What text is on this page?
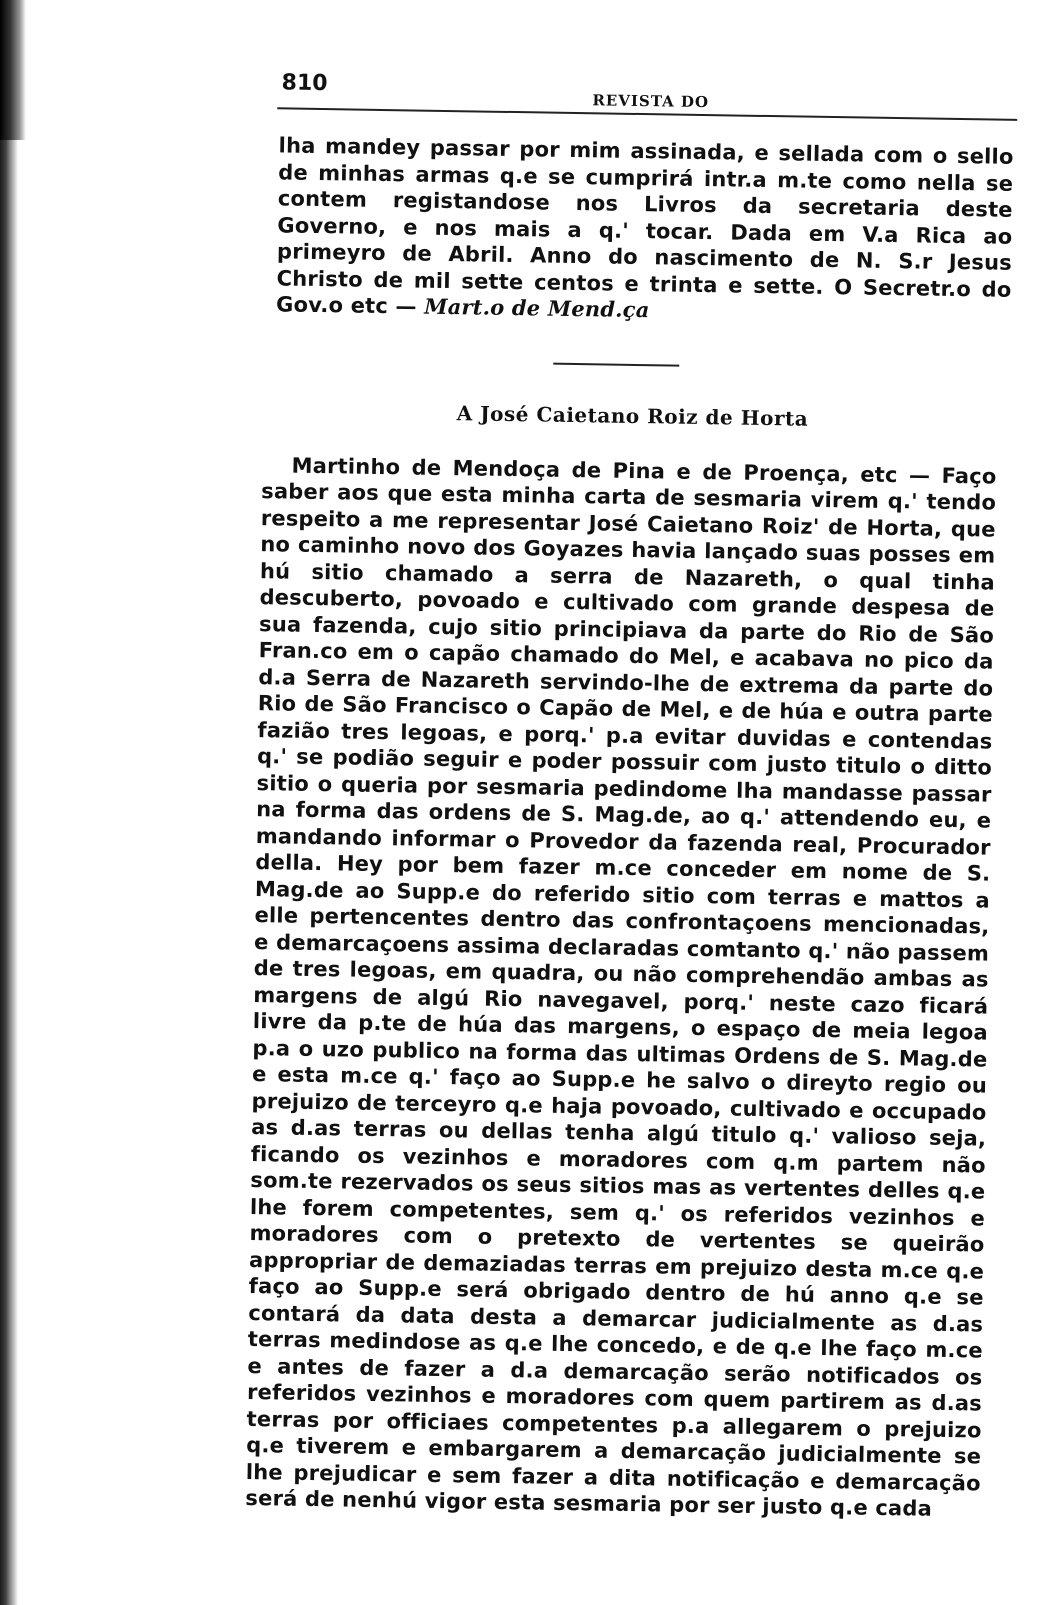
810
REVISTA DO

lha mandey passar por mim assinada, e sellada com o sello de minhas armas q.e se cumprirá intr.a m.te como nella se contem registandose nos Livros da secretaria deste Governo, e nos mais a q.' tocar. Dada em V.a Rica ao primeyro de Abril. Anno do nascimento de N. S.r Jesus Christo de mil sette centos e trinta e sette. O Secretr.o do Gov.o etc — Mart.o de Mend.ça

A José Caietano Roiz de Horta

Martinho de Mendoça de Pina e de Proença, etc — Faço saber aos que esta minha carta de sesmaria virem q.' tendo respeito a me representar José Caietano Roiz' de Horta, que no caminho novo dos Goyazes havia lançado suas posses em hú sitio chamado a serra de Nazareth, o qual tinha descuberto, povoado e cultivado com grande despesa de sua fazenda, cujo sitio principiava da parte do Rio de São Fran.co em o capão chamado do Mel, e acabava no pico da d.a Serra de Nazareth servindo-lhe de extrema da parte do Rio de São Francisco o Capão de Mel, e de húa e outra parte fazião tres legoas, e porq.' p.a evitar duvidas e contendas q.' se podião seguir e poder possuir com justo titulo o ditto sitio o queria por sesmaria pedindome lha mandasse passar na forma das ordens de S. Mag.de, ao q.' attendendo eu, e mandando informar o Provedor da fazenda real, Procurador della. Hey por bem fazer m.ce conceder em nome de S. Mag.de ao Supp.e do referido sitio com terras e mattos a elle pertencentes dentro das confrontaçoens mencionadas, e demarcaçoens assima declaradas comtanto q.' não passem de tres legoas, em quadra, ou não comprehendão ambas as margens de algú Rio navegavel, porq.' neste cazo ficará livre da p.te de húa das margens, o espaço de meia legoa p.a o uzo publico na forma das ultimas Ordens de S. Mag.de e esta m.ce q.' faço ao Supp.e he salvo o direyto regio ou prejuizo de terceyro q.e haja povoado, cultivado e occupado as d.as terras ou dellas tenha algú titulo q.' valioso seja, ficando os vezinhos e moradores com q.m partem não som.te rezervados os seus sitios mas as vertentes delles q.e lhe forem competentes, sem q.' os referidos vezinhos e moradores com o pretexto de vertentes se queirão appropriar de demaziadas terras em prejuizo desta m.ce q.e faço ao Supp.e será obrigado dentro de hú anno q.e se contará da data desta a demarcar judicialmente as d.as terras medindose as q.e lhe concedo, e de q.e lhe faço m.ce e antes de fazer a d.a demarcação serão notificados os referidos vezinhos e moradores com quem partirem as d.as terras por officiaes competentes p.a allegarem o prejuizo q.e tiverem e embargarem a demarcação judicialmente se lhe prejudicar e sem fazer a dita notificação e demarcação será de nenhú vigor esta sesmaria por ser justo q.e cada
